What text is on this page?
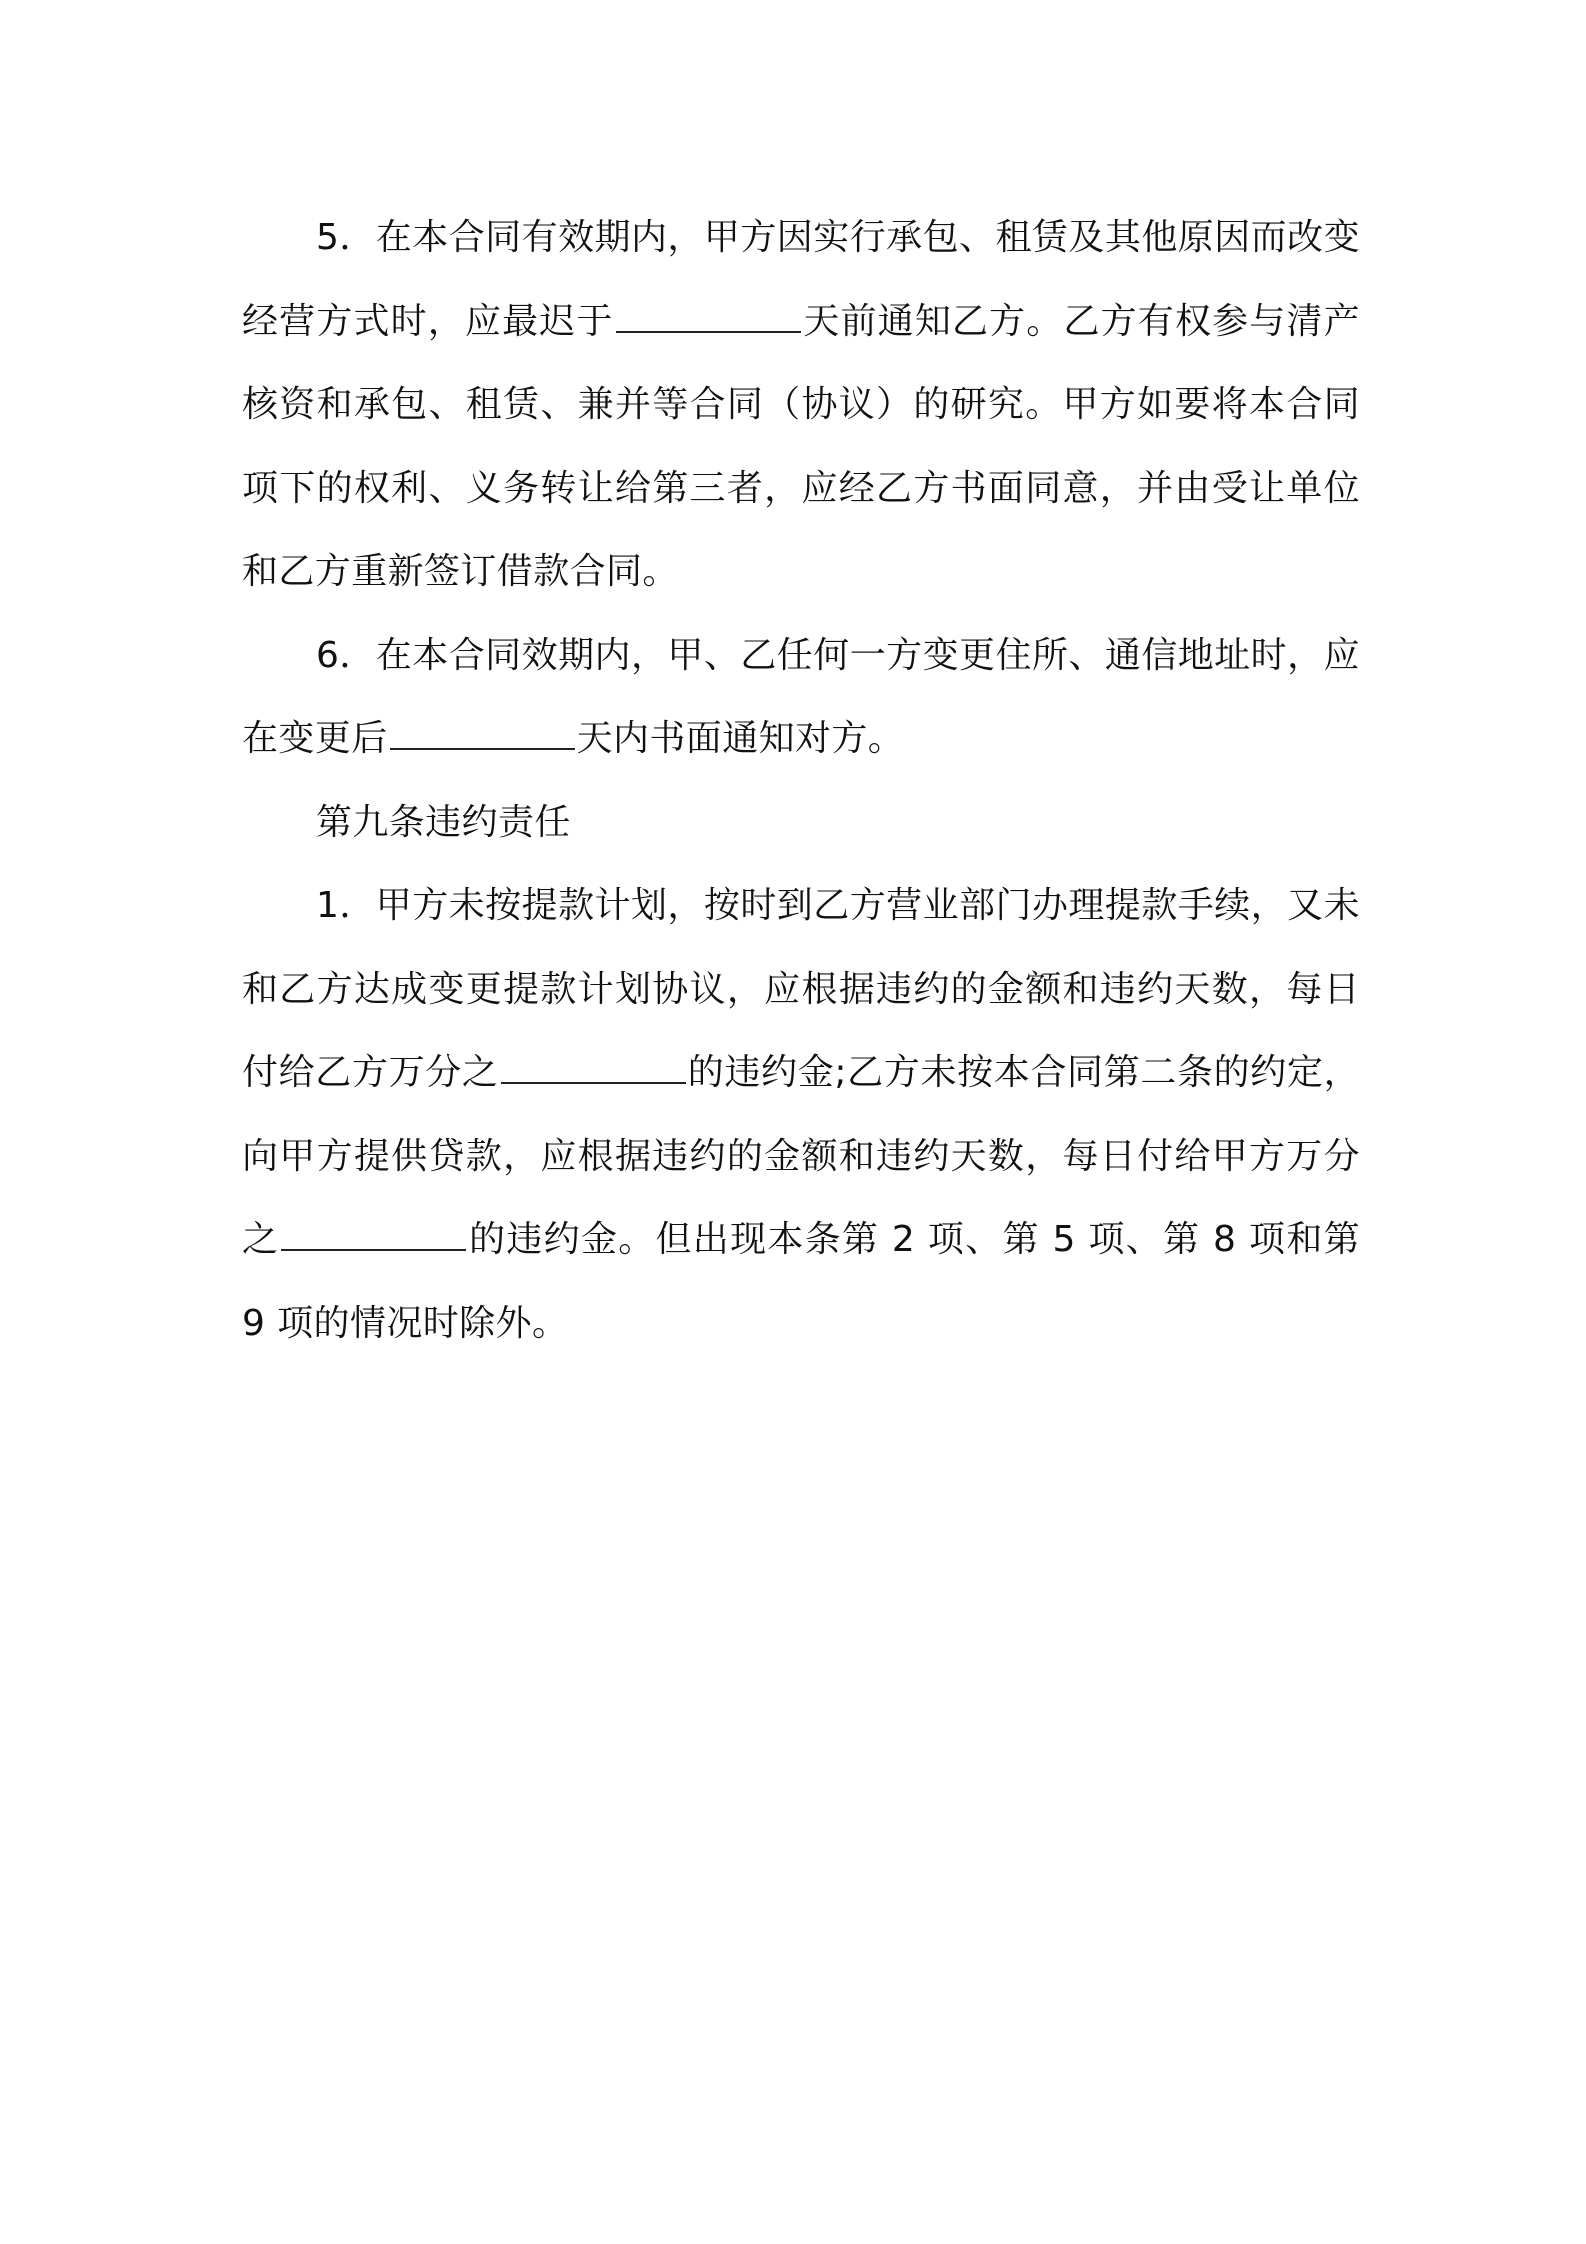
5．在本合同有效期内，甲方因实行承包、租赁及其他原因而改变经营方式时，应最迟于	天前通知乙方。乙方有权参与清产核资和承包、租赁、兼并等合同（协议）的研究。甲方如要将本合同项下的权利、义务转让给第三者，应经乙方书面同意，并由受让单位和乙方重新签订借款合同。

6．在本合同效期内，甲、乙任何一方变更住所、通信地址时，应在变更后	天内书面通知对方。

第九条违约责任

1．甲方未按提款计划，按时到乙方营业部门办理提款手续，又未和乙方达成变更提款计划协议，应根据违约的金额和违约天数，每日付给乙方万分之	的违约金;乙方未按本合同第二条的约定，向甲方提供贷款，应根据违约的金额和违约天数，每日付给甲方万分之	的违约金。但出现本条第 2 项、第 5 项、第 8 项和第 9 项的情况时除外。
